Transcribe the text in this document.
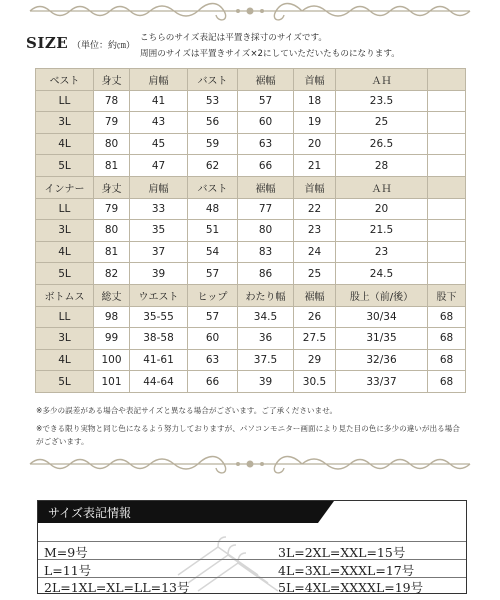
SIZE （単位：約㎝）
こちらのサイズ表記は平置き採寸のサイズです。
周囲のサイズは平置きサイズ×2にしていただいたものになります。
ベスト	身丈	肩幅	バスト	裾幅	首幅	ＡＨ	
LL	78	41	53	57	18	23.5	
3L	79	43	56	60	19	25	
4L	80	45	59	63	20	26.5	
5L	81	47	62	66	21	28	
インナー	身丈	肩幅	バスト	裾幅	首幅	ＡＨ	
LL	79	33	48	77	22	20	
3L	80	35	51	80	23	21.5	
4L	81	37	54	83	24	23	
5L	82	39	57	86	25	24.5	
ボトムス	総丈	ウエスト	ヒップ	わたり幅	裾幅	股上（前/後）	股下
LL	98	35-55	57	34.5	26	30/34	68
3L	99	38-58	60	36	27.5	31/35	68
4L	100	41-61	63	37.5	29	32/36	68
5L	101	44-64	66	39	30.5	33/37	68
※多少の誤差がある場合や表記サイズと異なる場合がございます。ご了承くださいませ。
※できる限り実物と同じ色になるよう努力しておりますが、パソコンモニター画面により見た目の色に多少の違いが出る場合がございます。
サイズ表記情報
M=9号
L=11号
2L=1XL=XL=LL=13号
3L=2XL=XXL=15号
4L=3XL=XXXL=17号
5L=4XL=XXXXL=19号
